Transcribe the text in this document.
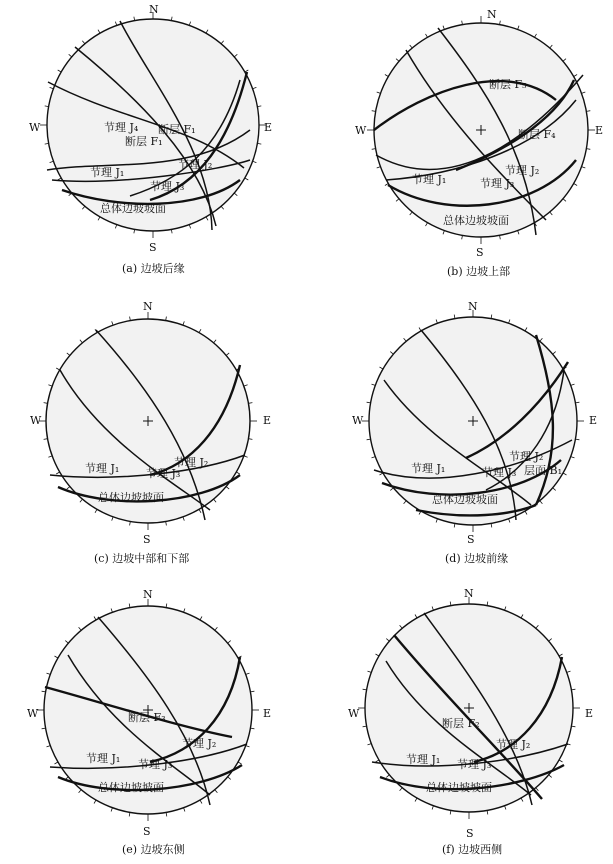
N
S
E
W	节理 J₄ 断层 F₁
断层 F₁
节理 J₂
节理 J₁
节理 J₃
总体边坡坡面
(a) 边坡后缘
N
S
E
W
断层 F₅
断层 F₄
节理 J₂
节理 J₁	节理 J₃
总体边坡坡面
(b) 边坡上部
N
S
E
W
节理 J₂
节理 J₁ 节理 J₃
总体边坡坡面
(c) 边坡中部和下部
N
S
E
W
节理 J₂
节理 J₁	节理 J₃ 层面 B₁
总体边坡坡面
(d) 边坡前缘
N
S
E
W	断层 F₃
节理 J₂
节理 J₁ 节理 J₃
总体边坡坡面
(e) 边坡东侧
N
S
E
W
断层 F₂
节理 J₂
节理 J₁ 节理 J₃
总体边坡坡面
(f) 边坡西侧
